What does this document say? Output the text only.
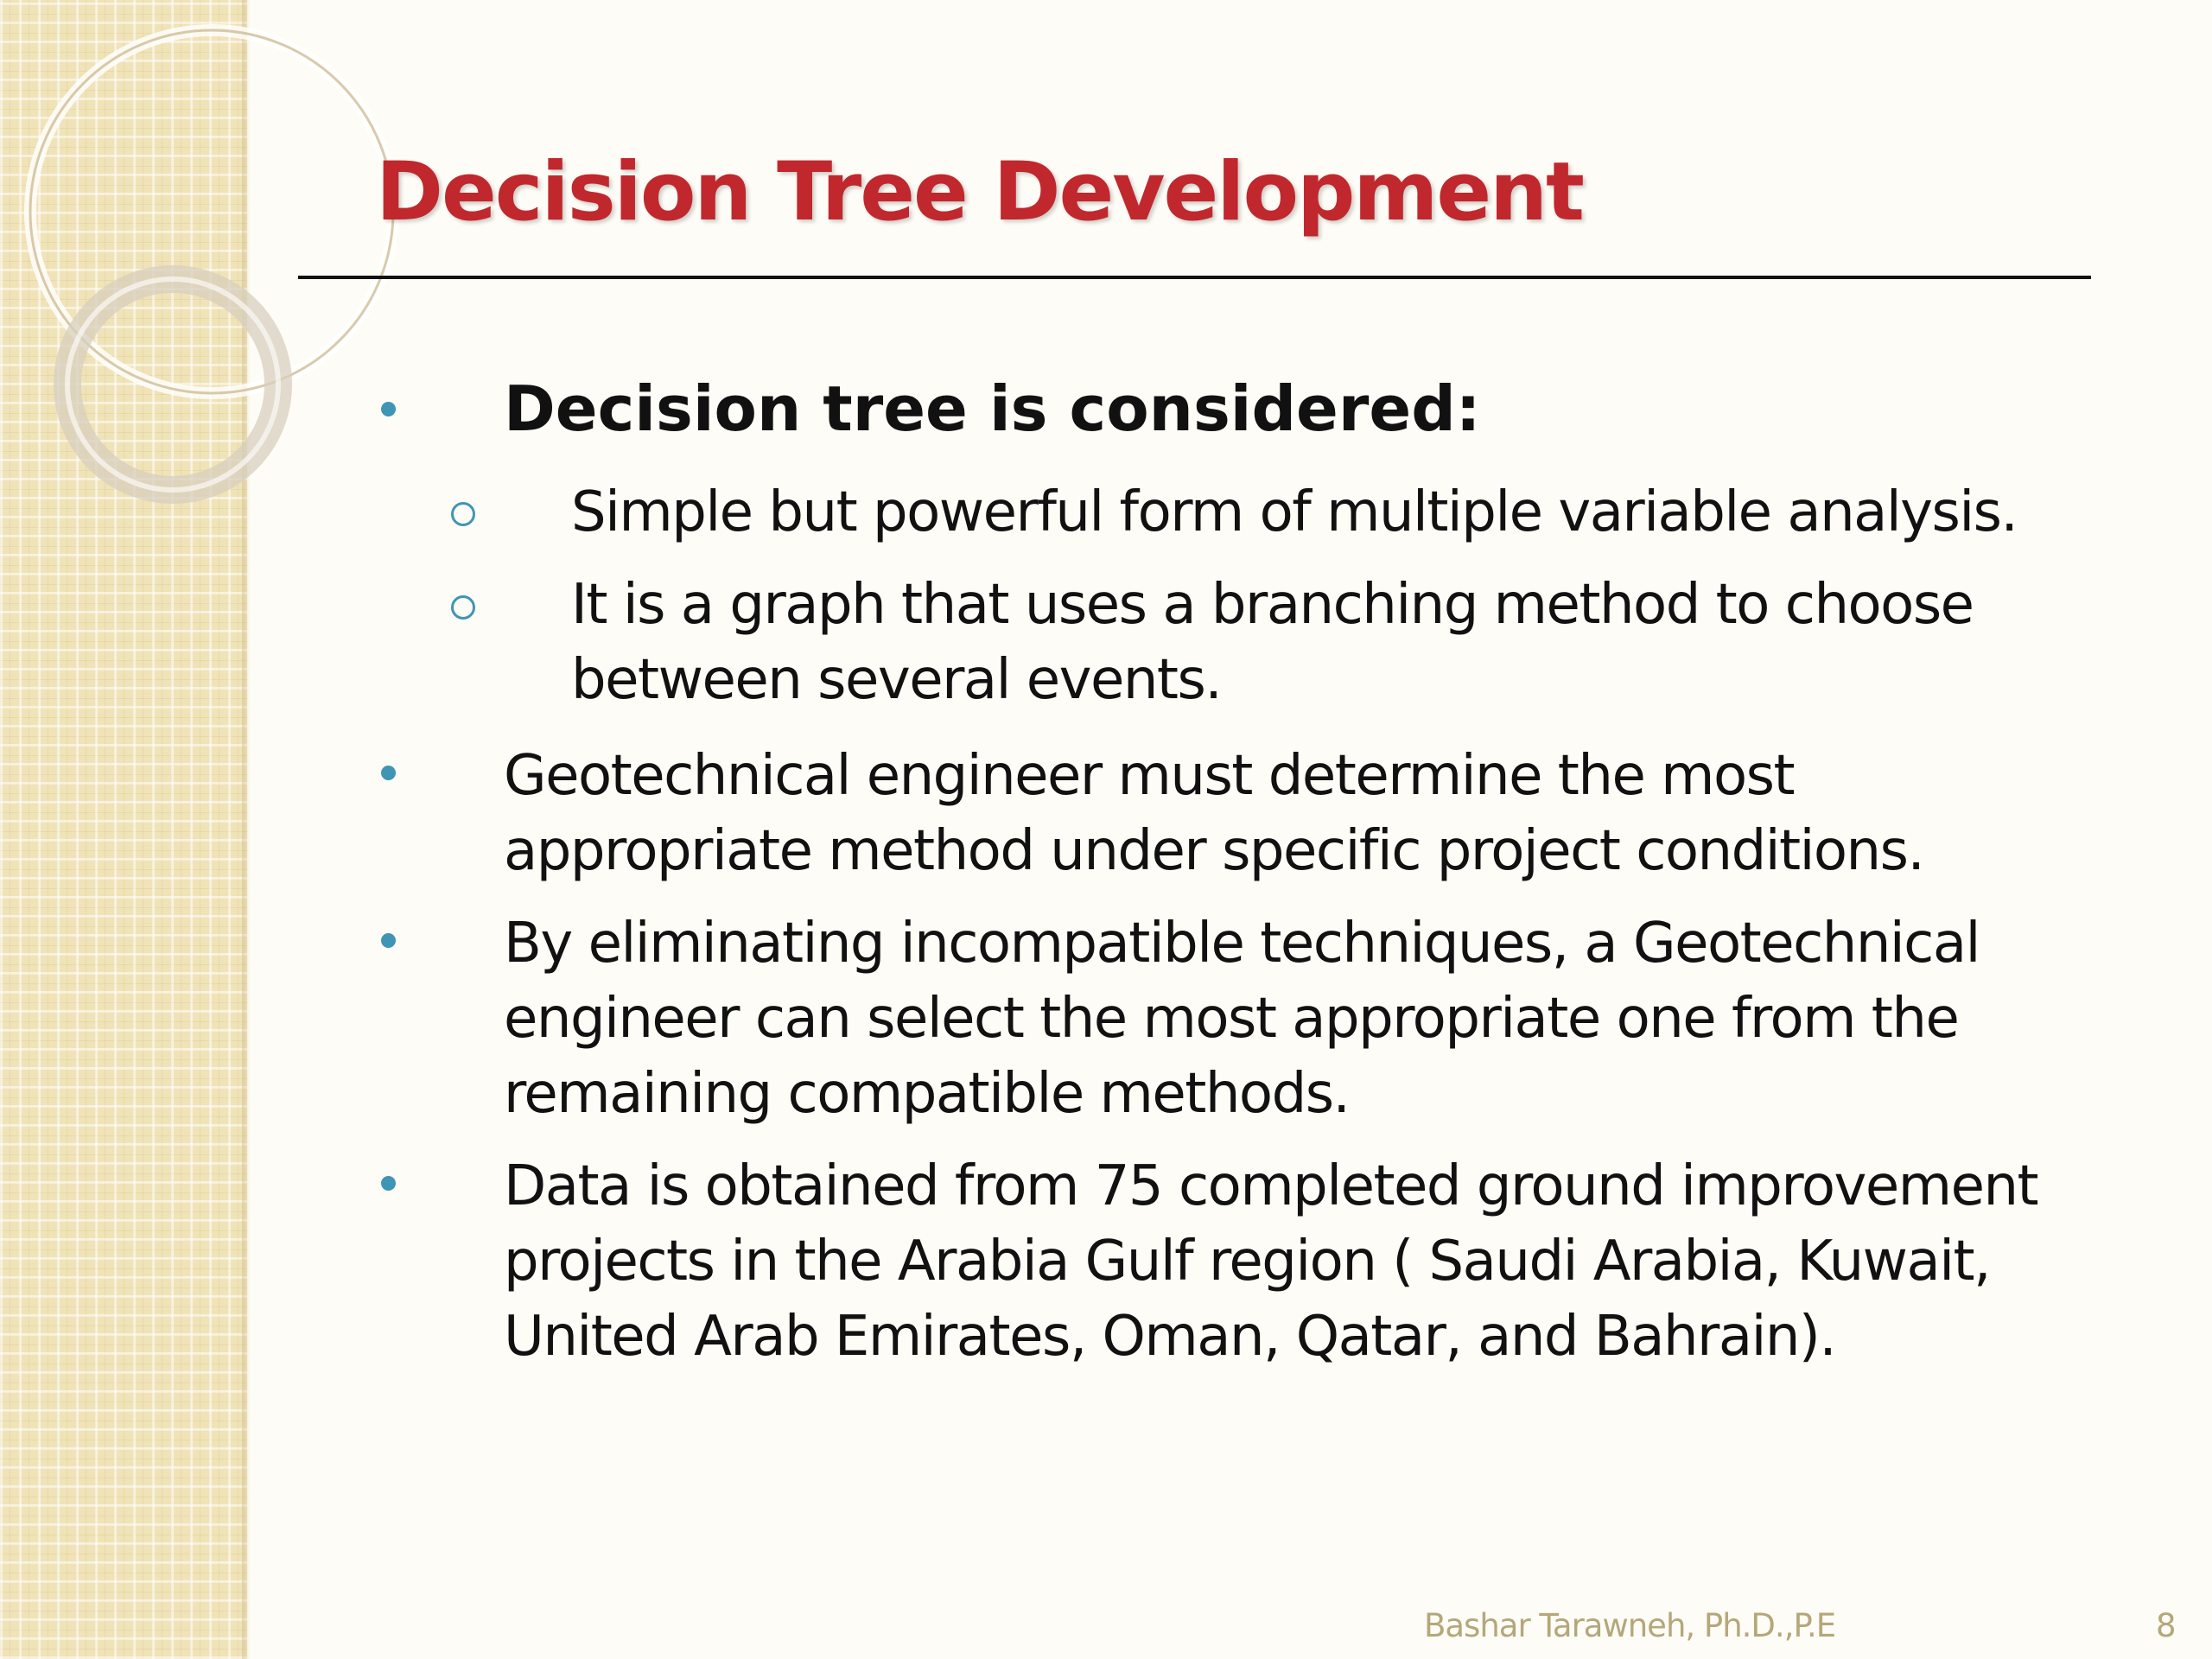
Decision Tree Development
Decision tree is considered:
Simple but powerful form of multiple variable analysis.
It is a graph that uses a branching method to choose between several events.
Geotechnical engineer must determine the most appropriate method under specific project conditions.
By eliminating incompatible techniques, a Geotechnical engineer can select the most appropriate one from the remaining compatible methods.
Data is obtained from 75 completed ground improvement projects in the Arabia Gulf region ( Saudi Arabia, Kuwait, United Arab Emirates, Oman, Qatar, and Bahrain).
Bashar Tarawneh, Ph.D.,P.E	8
